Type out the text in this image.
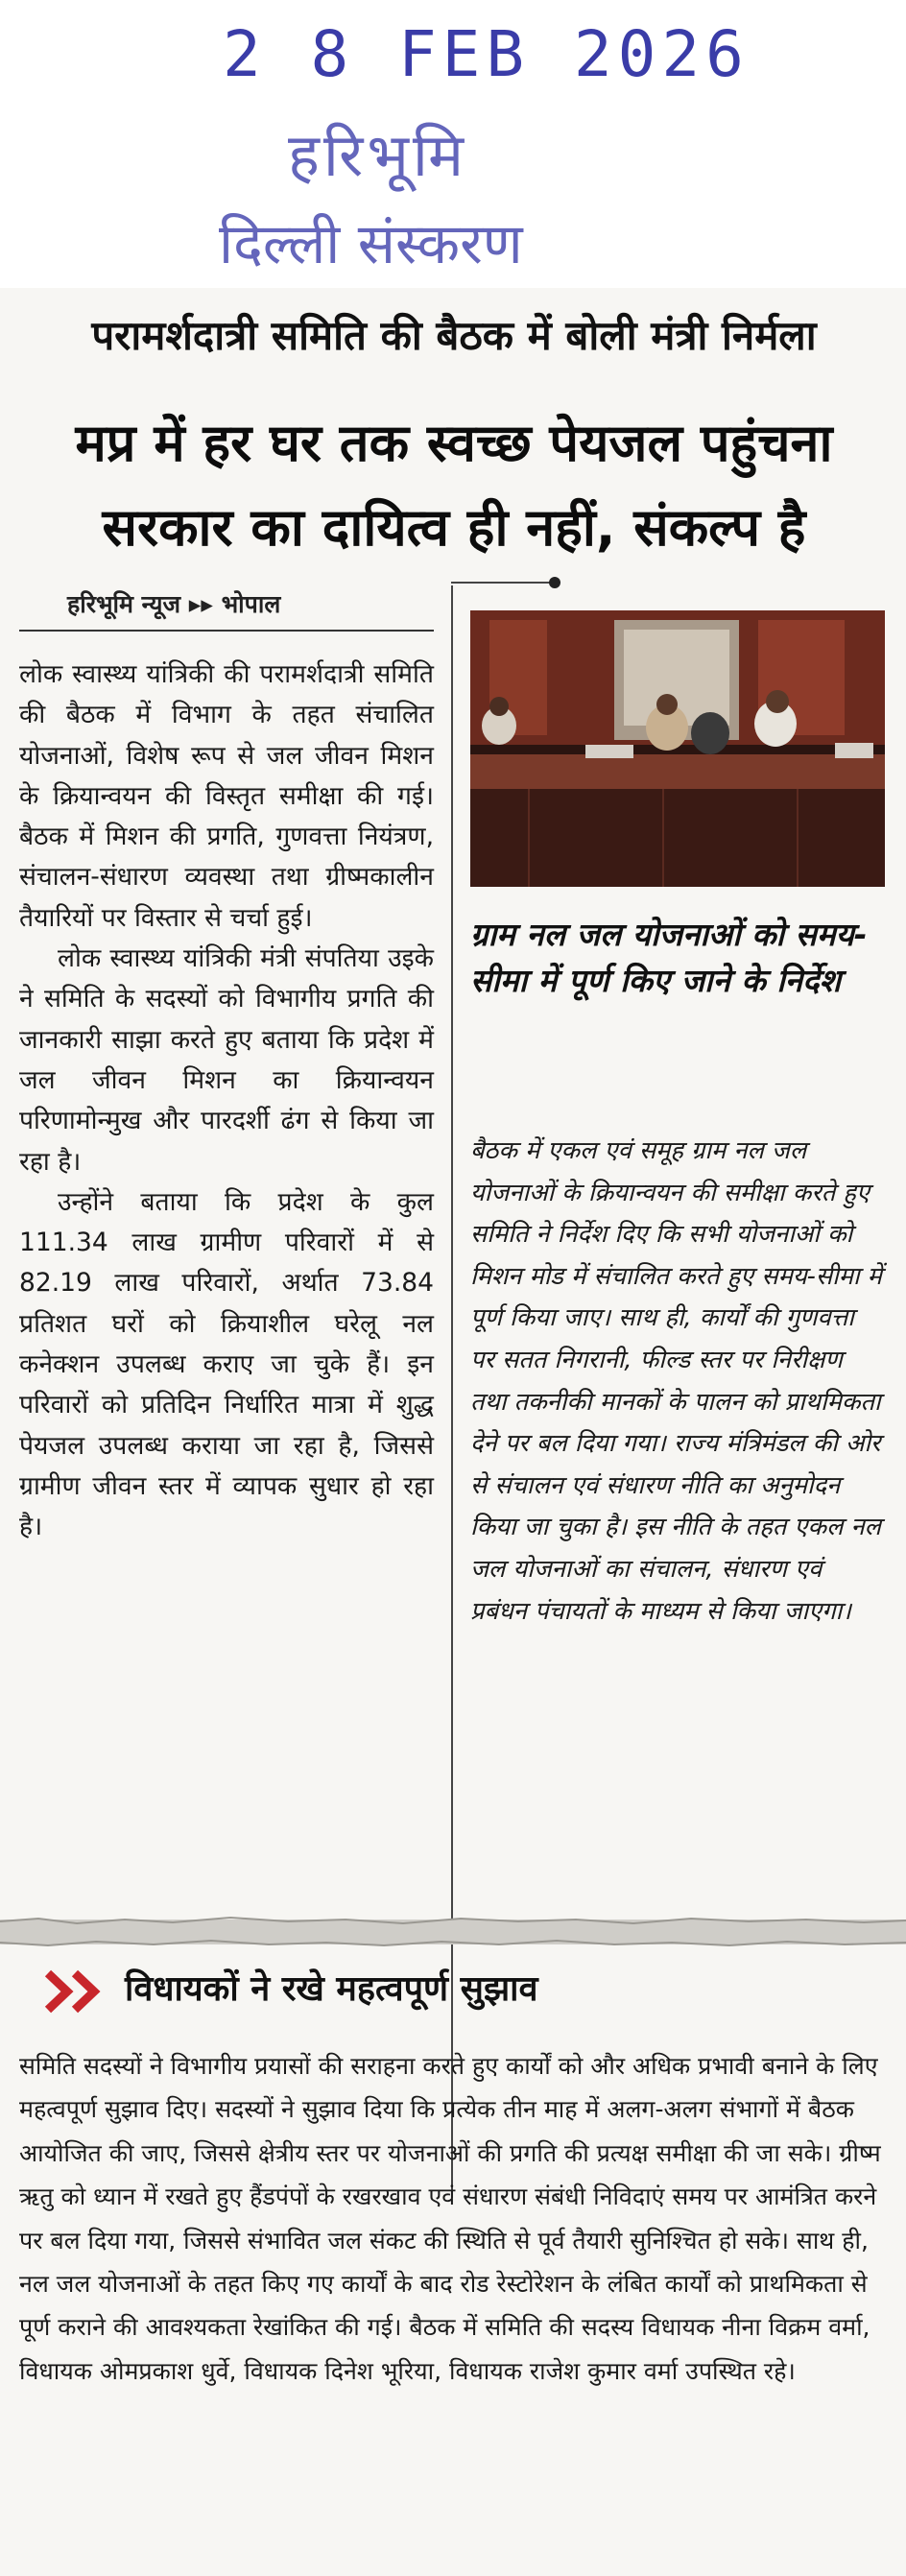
2 8 FEB 2026
हरिभूमि
दिल्ली संस्करण
परामर्शदात्री समिति की बैठक में बोली मंत्री निर्मला
मप्र में हर घर तक स्वच्छ पेयजल पहुंचना
सरकार का दायित्व ही नहीं, संकल्प है
हरिभूमि न्यूज ▸▸ भोपाल

लोक स्वास्थ्य यांत्रिकी की परामर्शदात्री समिति की बैठक में विभाग के तहत संचालित योजनाओं, विशेष रूप से जल जीवन मिशन के क्रियान्वयन की विस्तृत समीक्षा की गई। बैठक में मिशन की प्रगति, गुणवत्ता नियंत्रण, संचालन-संधारण व्यवस्था तथा ग्रीष्मकालीन तैयारियों पर विस्तार से चर्चा हुई।

लोक स्वास्थ्य यांत्रिकी मंत्री संपतिया उइके ने समिति के सदस्यों को विभागीय प्रगति की जानकारी साझा करते हुए बताया कि प्रदेश में जल जीवन मिशन का क्रियान्वयन परिणामोन्मुख और पारदर्शी ढंग से किया जा रहा है।

उन्होंने बताया कि प्रदेश के कुल 111.34 लाख ग्रामीण परिवारों में से 82.19 लाख परिवारों, अर्थात 73.84 प्रतिशत घरों को क्रियाशील घरेलू नल कनेक्शन उपलब्ध कराए जा चुके हैं। इन परिवारों को प्रतिदिन निर्धारित मात्रा में शुद्ध पेयजल उपलब्ध कराया जा रहा है, जिससे ग्रामीण जीवन स्तर में व्यापक सुधार हो रहा है।

ग्राम नल जल योजनाओं को समय-सीमा में पूर्ण किए जाने के निर्देश

बैठक में एकल एवं समूह ग्राम नल जल योजनाओं के क्रियान्वयन की समीक्षा करते हुए समिति ने निर्देश दिए कि सभी योजनाओं को मिशन मोड में संचालित करते हुए समय-सीमा में पूर्ण किया जाए। साथ ही, कार्यों की गुणवत्ता पर सतत निगरानी, फील्ड स्तर पर निरीक्षण तथा तकनीकी मानकों के पालन को प्राथमिकता देने पर बल दिया गया। राज्य मंत्रिमंडल की ओर से संचालन एवं संधारण नीति का अनुमोदन किया जा चुका है। इस नीति के तहत एकल नल जल योजनाओं का संचालन, संधारण एवं प्रबंधन पंचायतों के माध्यम से किया जाएगा।

विधायकों ने रखे महत्वपूर्ण सुझाव

समिति सदस्यों ने विभागीय प्रयासों की सराहना करते हुए कार्यों को और अधिक प्रभावी बनाने के लिए महत्वपूर्ण सुझाव दिए। सदस्यों ने सुझाव दिया कि प्रत्येक तीन माह में अलग-अलग संभागों में बैठक आयोजित की जाए, जिससे क्षेत्रीय स्तर पर योजनाओं की प्रगति की प्रत्यक्ष समीक्षा की जा सके। ग्रीष्म ऋतु को ध्यान में रखते हुए हैंडपंपों के रखरखाव एवं संधारण संबंधी निविदाएं समय पर आमंत्रित करने पर बल दिया गया, जिससे संभावित जल संकट की स्थिति से पूर्व तैयारी सुनिश्चित हो सके। साथ ही, नल जल योजनाओं के तहत किए गए कार्यों के बाद रोड रेस्टोरेशन के लंबित कार्यों को प्राथमिकता से पूर्ण कराने की आवश्यकता रेखांकित की गई। बैठक में समिति की सदस्य विधायक नीना विक्रम वर्मा, विधायक ओमप्रकाश धुर्वे, विधायक दिनेश भूरिया, विधायक राजेश कुमार वर्मा उपस्थित रहे।
